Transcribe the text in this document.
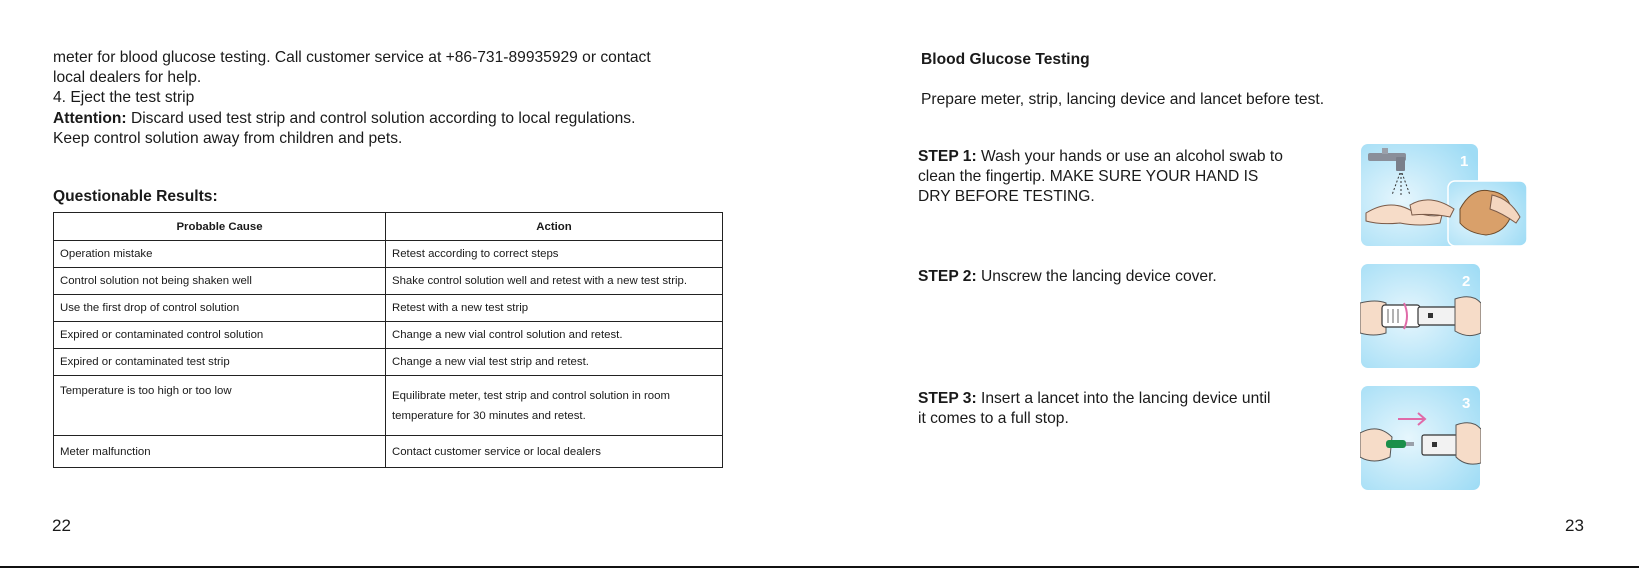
meter for blood glucose testing. Call customer service at +86-731-89935929 or contact

local dealers for help.

4. Eject the test strip

Attention: Discard used test strip and control solution according to local regulations.

Keep control solution away from children and pets.

Questionable Results:
Probable Cause	Action
Operation mistake	Retest according to correct steps
Control solution not being shaken well	Shake control solution well and retest with a new test strip.
Use the first drop of control solution	Retest with a new test strip
Expired or contaminated control solution	Change a new vial control solution and retest.
Expired or contaminated test strip	Change a new vial test strip and retest.
Temperature is too high or too low	Equilibrate meter, test strip and control solution in room
temperature for 30 minutes and retest.

Meter malfunction	Contact customer service or local dealers
22
Blood Glucose Testing
Prepare meter, strip, lancing device and lancet before test.
STEP 1: Wash your hands or use an alcohol swab to
clean the fingertip. MAKE SURE YOUR HAND IS
DRY BEFORE TESTING.
STEP 2: Unscrew the lancing device cover.
STEP 3: Insert a lancet into the lancing device until
it comes to a full stop.
1
2
3
23
